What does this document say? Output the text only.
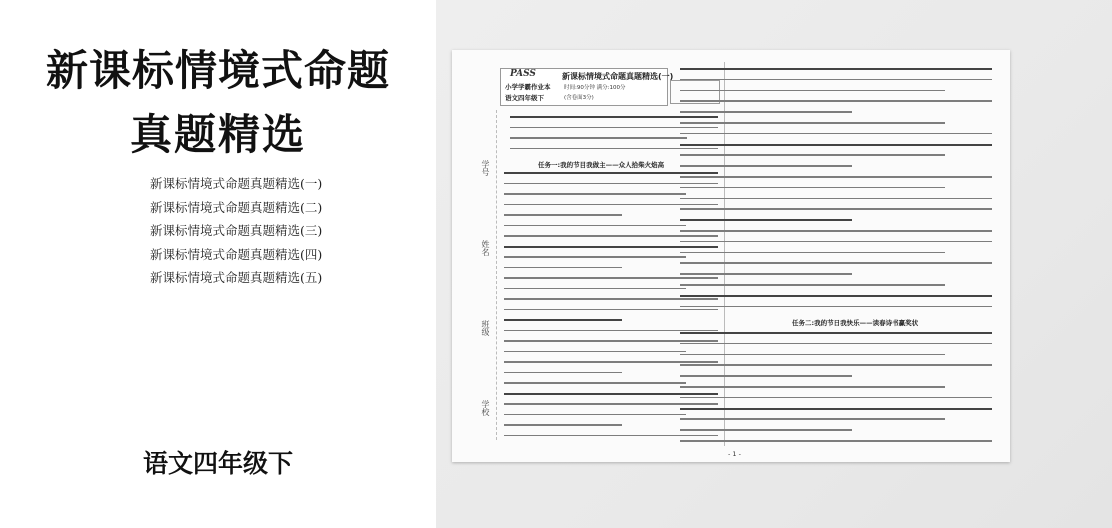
新课标情境式命题
真题精选
新课标情境式命题真题精选(一)
新课标情境式命题真题精选(二)
新课标情境式命题真题精选(三)
新课标情境式命题真题精选(四)
新课标情境式命题真题精选(五)
语文四年级下
学号
姓名
班级
学校
PASS
小学学霸作业本
语文四年级下
新课标情境式命题真题精选(一)
时间:90分钟 满分:100分
(含卷面3分)
任务一:我的节目我做主——众人拾柴火焰高
任务二:我的节日我快乐——读春诗书赢奖状
- 1 -
